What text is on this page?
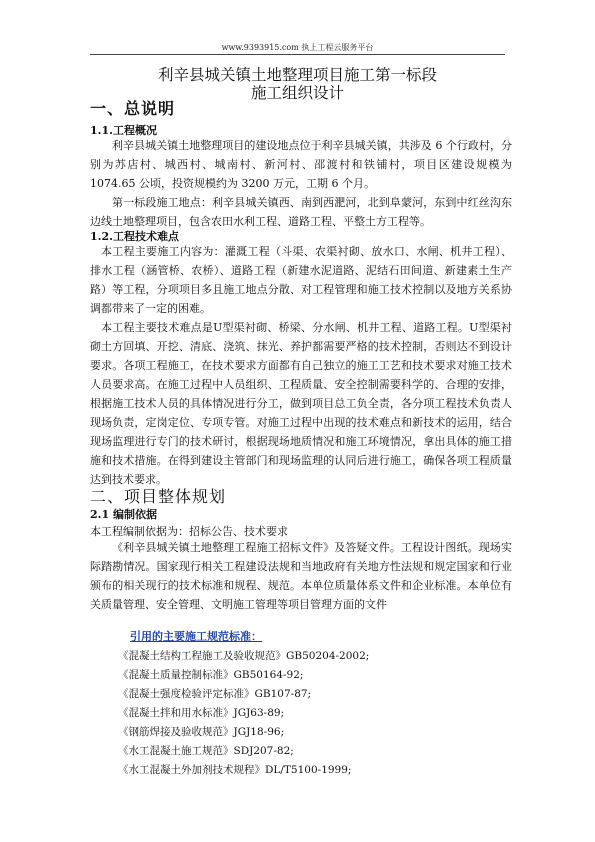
www.9393915.com 执上工程云服务平台
利辛县城关镇土地整理项目施工第一标段
施工组织设计
一、总说明
1.1.工程概况
利辛县城关镇土地整理项目的建设地点位于利辛县城关镇，共涉及 6 个行政村，分别为苏店村、城西村、城南村、新河村、邵渡村和铁铺村，项目区建设规模为 1074.65 公顷，投资规模约为 3200 万元，工期 6 个月。
第一标段施工地点：利辛县城关镇西、南到西淝河，北到阜蒙河，东到中红丝沟东边线土地整理项目，包含农田水利工程、道路工程、平整土方工程等。
1.2.工程技术难点
本工程主要施工内容为：灌溉工程（斗渠、农渠衬砌、放水口、水闸、机井工程）、排水工程（涵管桥、农桥）、道路工程（新建水泥道路、泥结石田间道、新建素土生产路）等工程，分项项目多且施工地点分散、对工程管理和施工技术控制以及地方关系协调都带来了一定的困难。
本工程主要技术难点是U型渠衬砌、桥梁、分水闸、机井工程、道路工程。U型渠衬砌土方回填、开挖、清底、浇筑、抹光、养护都需要严格的技术控制，否则达不到设计要求。各项工程施工，在技术要求方面都有自己独立的施工工艺和技术要求对施工技术人员要求高。在施工过程中人员组织、工程质量、安全控制需要科学的、合理的安排，根据施工技术人员的具体情况进行分工，做到项目总工负全责，各分项工程技术负责人现场负责，定岗定位、专项专管。对施工过程中出现的技术难点和新技术的运用，结合现场监理进行专门的技术研讨，根据现场地质情况和施工环境情况，拿出具体的施工措施和技术措施。在得到建设主管部门和现场监理的认同后进行施工，确保各项工程质量达到技术要求。
二、项目整体规划
2.1 编制依据
本工程编制依据为：招标公告、技术要求
《利辛县城关镇土地整理工程施工招标文件》及答疑文件。工程设计图纸。现场实际踏勘情况。国家现行相关工程建设法规和当地政府有关地方性法规和规定国家和行业颁布的相关现行的技术标准和规程、规范。本单位质量体系文件和企业标准。本单位有关质量管理、安全管理、文明施工管理等项目管理方面的文件
引用的主要施工规范标准：
《混凝土结构工程施工及验收规范》GB50204-2002;
《混凝土质量控制标准》GB50164-92;
《混凝土强度检验评定标准》GB107-87;
《混凝土拌和用水标准》JGJ63-89;
《钢筋焊接及验收规范》JGJ18-96;
《水工混凝土施工规范》SDJ207-82;
《水工混凝土外加剂技术规程》DL/T5100-1999;
